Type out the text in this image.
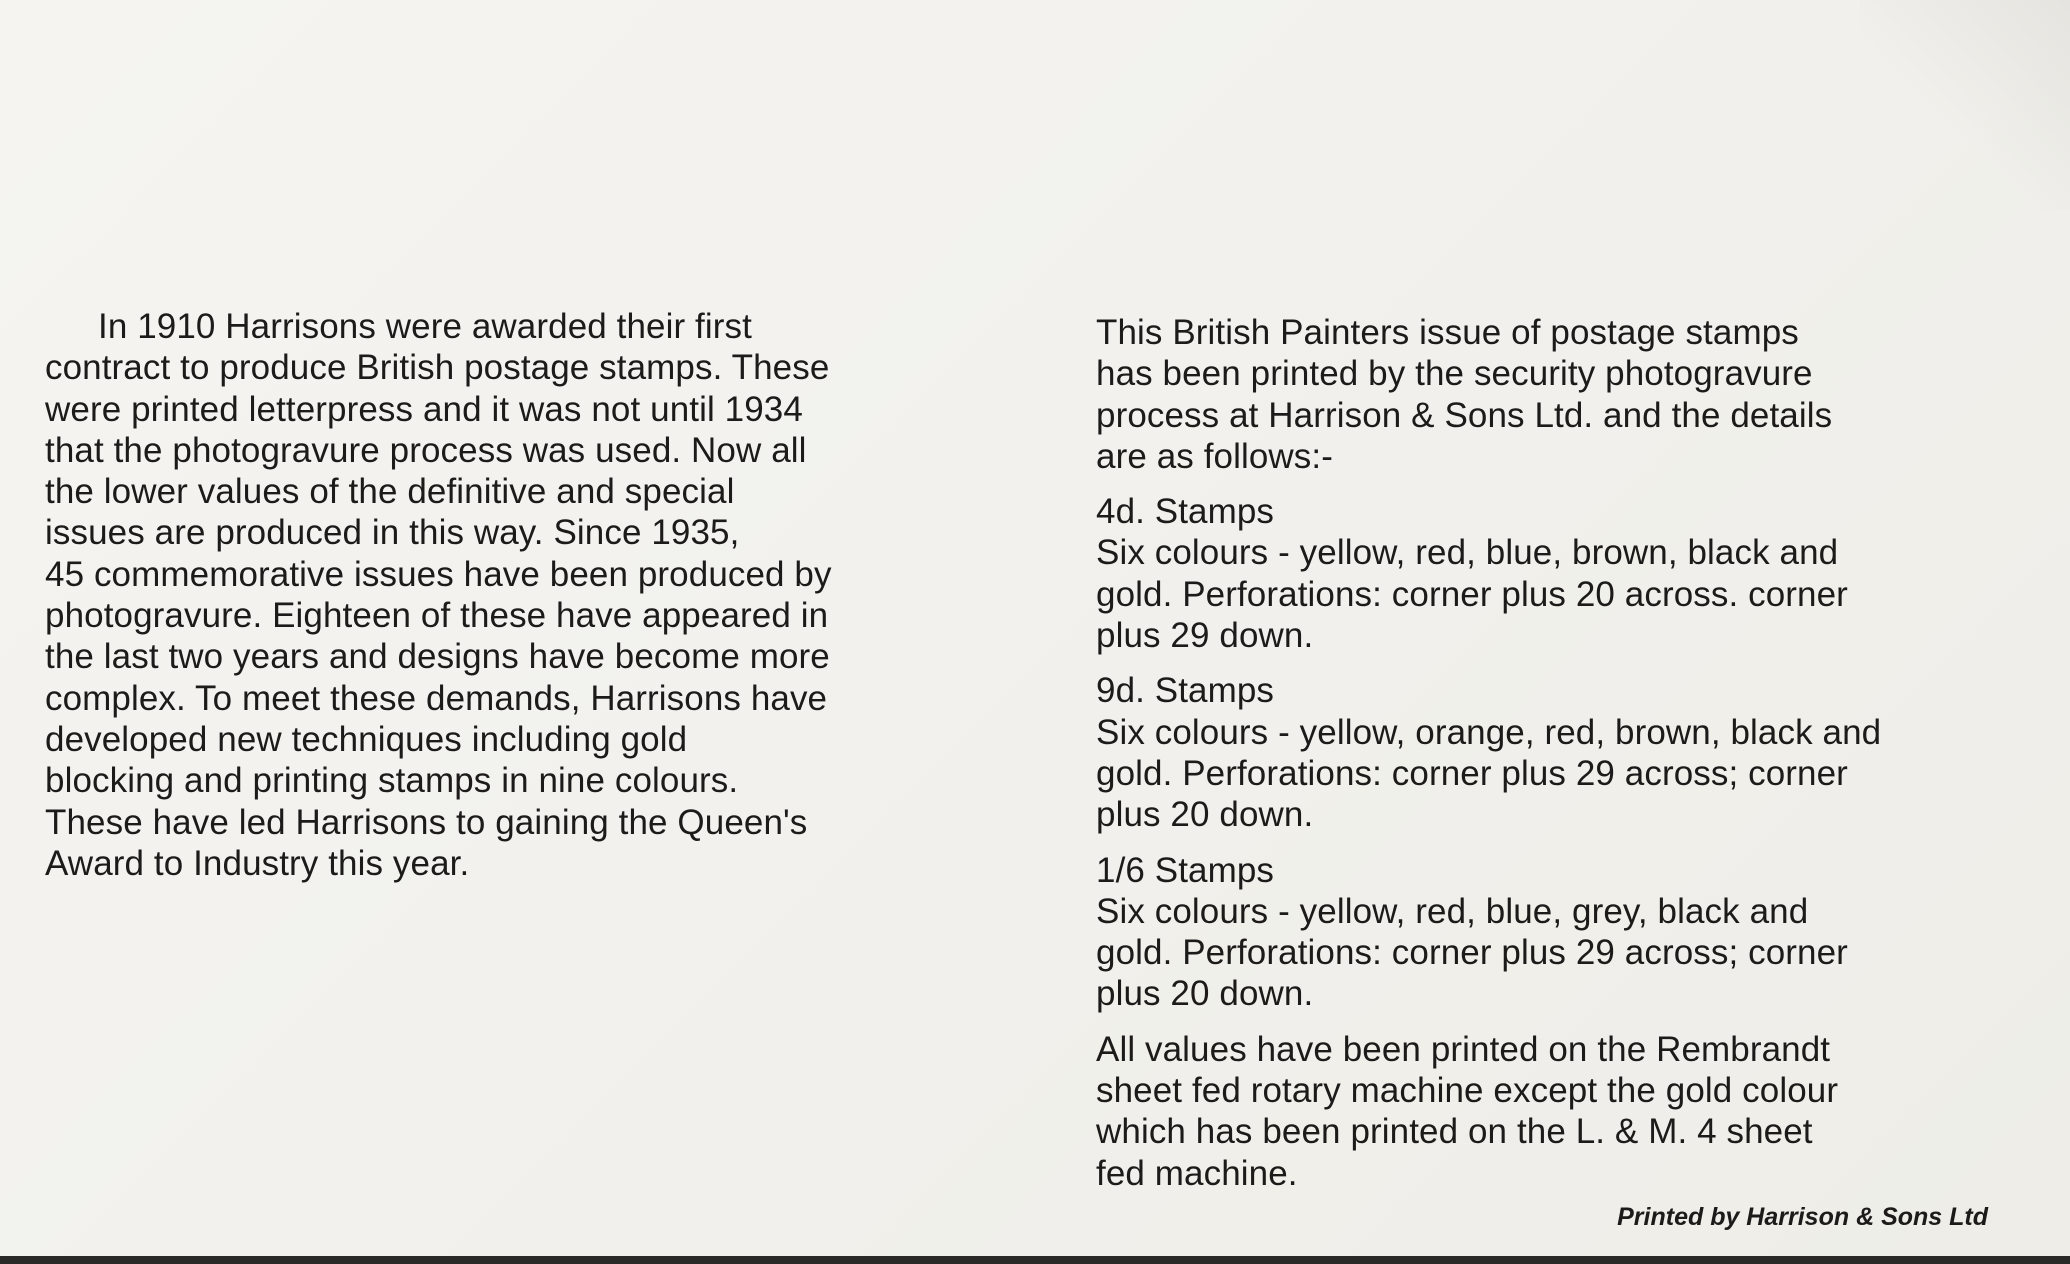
In 1910 Harrisons were awarded their first
contract to produce British postage stamps. These
were printed letterpress and it was not until 1934
that the photogravure process was used. Now all
the lower values of the definitive and special
issues are produced in this way. Since 1935,
45 commemorative issues have been produced by
photogravure. Eighteen of these have appeared in
the last two years and designs have become more
complex. To meet these demands, Harrisons have
developed new techniques including gold
blocking and printing stamps in nine colours.
These have led Harrisons to gaining the Queen's
Award to Industry this year.
This British Painters issue of postage stamps
has been printed by the security photogravure
process at Harrison & Sons Ltd. and the details
are as follows:-
4d. Stamps
Six colours - yellow, red, blue, brown, black and
gold. Perforations: corner plus 20 across. corner
plus 29 down.
9d. Stamps
Six colours - yellow, orange, red, brown, black and
gold. Perforations: corner plus 29 across; corner
plus 20 down.
1/6 Stamps
Six colours - yellow, red, blue, grey, black and
gold. Perforations: corner plus 29 across; corner
plus 20 down.
All values have been printed on the Rembrandt
sheet fed rotary machine except the gold colour
which has been printed on the L. & M. 4 sheet
fed machine.
Printed by Harrison & Sons Ltd
